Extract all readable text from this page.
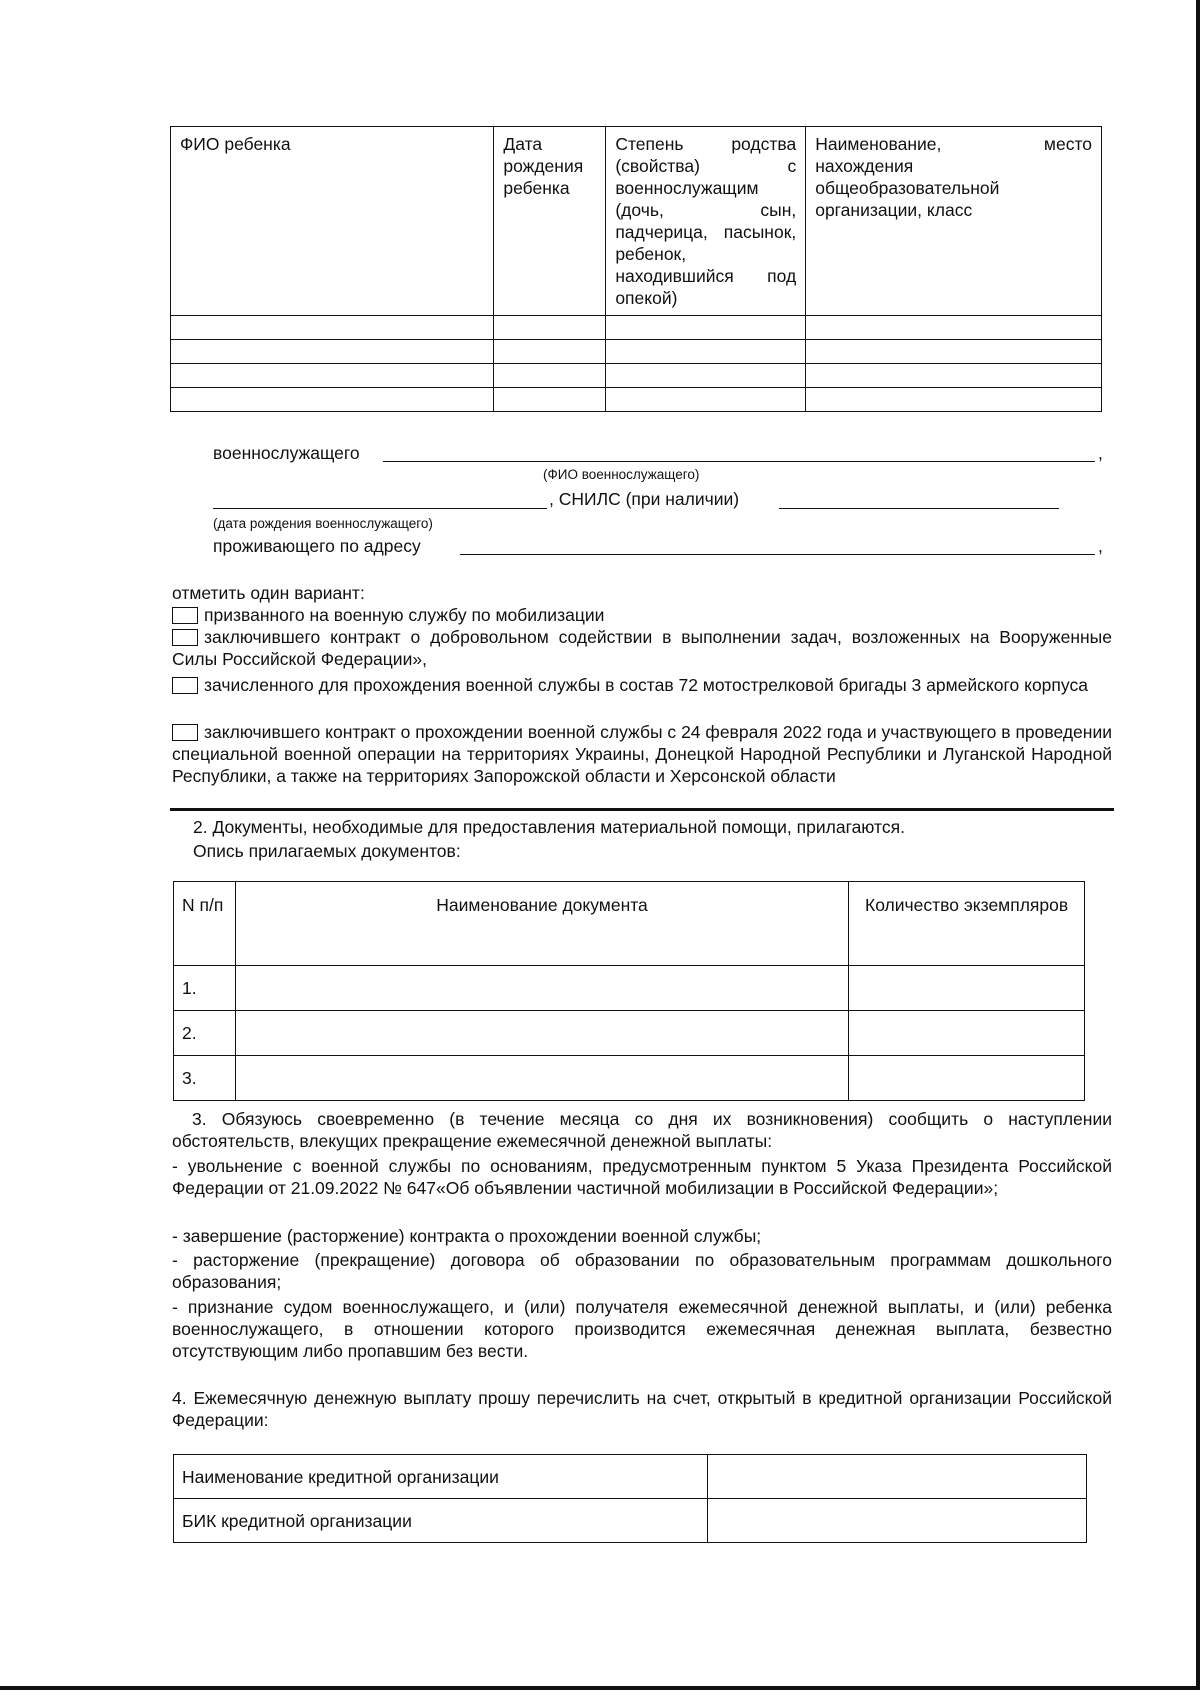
ФИО ребенка	Дата рождения ребенка	Степень родства (свойства) с военнослужащим (дочь, сын, падчерица, пасынок, ребенок, находившийся под опекой)	Наименование, место нахождения общеобразовательной организации, класс

военнослужащего	,
(ФИО военнослужащего)
, СНИЛС (при наличии)
(дата рождения военнослужащего)
проживающего по адресу	,
отметить один вариант:
призванного на военную службу по мобилизации
заключившего контракт о добровольном содействии в выполнении задач, возложенных на Вооруженные Силы Российской Федерации»,
зачисленного для прохождения военной службы в состав 72 мотострелковой бригады 3 армейского корпуса
заключившего контракт о прохождении военной службы с 24 февраля 2022 года и участвующего в проведении специальной военной операции на территориях Украины, Донецкой Народной Республики и Луганской Народной Республики, а также на территориях Запорожской области и Херсонской области
2. Документы, необходимые для предоставления материальной помощи, прилагаются.
Опись прилагаемых документов:
N п/п	Наименование документа	Количество экземпляров
1.		
2.		
3.		
3. Обязуюсь своевременно (в течение месяца со дня их возникновения) сообщить о наступлении обстоятельств, влекущих прекращение ежемесячной денежной выплаты:
- увольнение с военной службы по основаниям, предусмотренным пунктом 5 Указа Президента Российской Федерации от 21.09.2022 № 647«Об объявлении частичной мобилизации в Российской Федерации»;
- завершение (расторжение) контракта о прохождении военной службы;
- расторжение (прекращение) договора об образовании по образовательным программам дошкольного образования;
- признание судом военнослужащего, и (или) получателя ежемесячной денежной выплаты, и (или) ребенка военнослужащего, в отношении которого производится ежемесячная денежная выплата, безвестно отсутствующим либо пропавшим без вести.
4. Ежемесячную денежную выплату прошу перечислить на счет, открытый в кредитной организации Российской Федерации:
Наименование кредитной организации	
БИК кредитной организации	
